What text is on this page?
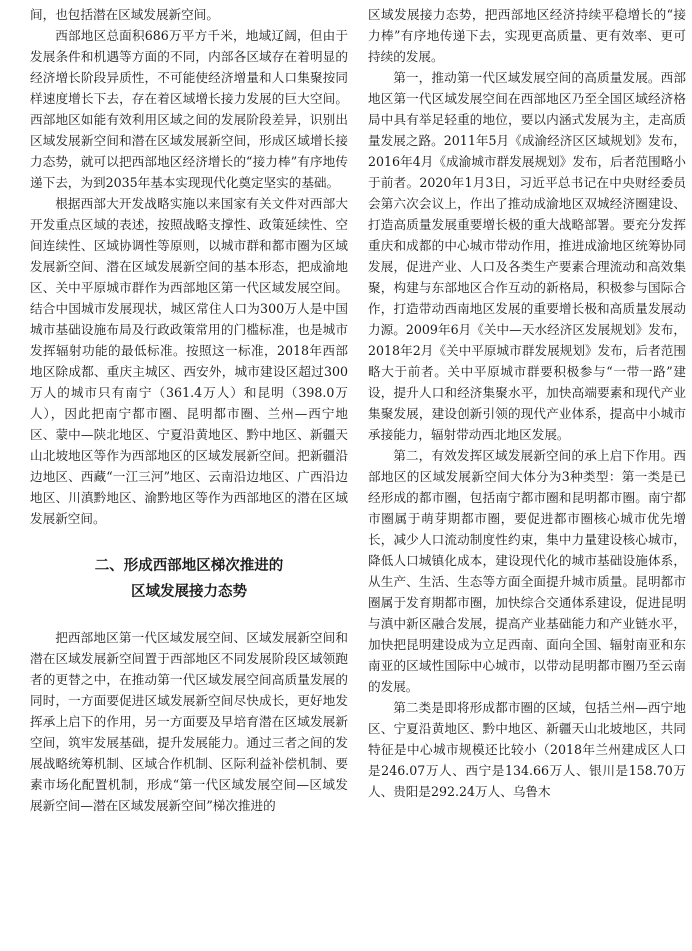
间，也包括潜在区域发展新空间。

西部地区总面积686万平方千米，地域辽阔，但由于发展条件和机遇等方面的不同，内部各区域存在着明显的经济增长阶段异质性，不可能使经济增量和人口集聚按同样速度增长下去，存在着区域增长接力发展的巨大空间。西部地区如能有效利用区域之间的发展阶段差异，识别出区域发展新空间和潜在区域发展新空间，形成区域增长接力态势，就可以把西部地区经济增长的“接力棒”有序地传递下去，为到2035年基本实现现代化奠定坚实的基础。

根据西部大开发战略实施以来国家有关文件对西部大开发重点区域的表述，按照战略支撑性、政策延续性、空间连续性、区域协调性等原则，以城市群和都市圈为区域发展新空间、潜在区域发展新空间的基本形态，把成渝地区、关中平原城市群作为西部地区第一代区域发展空间。结合中国城市发展现状，城区常住人口为300万人是中国城市基础设施布局及行政政策常用的门槛标准，也是城市发挥辐射功能的最低标准。按照这一标准，2018年西部地区除成都、重庆主城区、西安外，城市建设区超过300万人的城市只有南宁（361.4万人）和昆明（398.0万人），因此把南宁都市圈、昆明都市圈、兰州—西宁地区、蒙中—陕北地区、宁夏沿黄地区、黔中地区、新疆天山北坡地区等作为西部地区的区域发展新空间。把新疆沿边地区、西藏“一江三河”地区、云南沿边地区、广西沿边地区、川滇黔地区、渝黔地区等作为西部地区的潜在区域发展新空间。

二、形成西部地区梯次推进的
区域发展接力态势

把西部地区第一代区域发展空间、区域发展新空间和潜在区域发展新空间置于西部地区不同发展阶段区域领跑者的更替之中，在推动第一代区域发展空间高质量发展的同时，一方面要促进区域发展新空间尽快成长，更好地发挥承上启下的作用，另一方面要及早培育潜在区域发展新空间，筑牢发展基础，提升发展能力。通过三者之间的发展战略统筹机制、区域合作机制、区际利益补偿机制、要素市场化配置机制，形成“第一代区域发展空间—区域发展新空间—潜在区域发展新空间”梯次推进的

区域发展接力态势，把西部地区经济持续平稳增长的“接力棒”有序地传递下去，实现更高质量、更有效率、更可持续的发展。

第一，推动第一代区域发展空间的高质量发展。西部地区第一代区域发展空间在西部地区乃至全国区域经济格局中具有举足轻重的地位，要以内涵式发展为主，走高质量发展之路。2011年5月《成渝经济区区域规划》发布，2016年4月《成渝城市群发展规划》发布，后者范围略小于前者。2020年1月3日，习近平总书记在中央财经委员会第六次会议上，作出了推动成渝地区双城经济圈建设、打造高质量发展重要增长极的重大战略部署。要充分发挥重庆和成都的中心城市带动作用，推进成渝地区统筹协同发展，促进产业、人口及各类生产要素合理流动和高效集聚，构建与东部地区合作互动的新格局，积极参与国际合作，打造带动西南地区发展的重要增长极和高质量发展动力源。2009年6月《关中—天水经济区发展规划》发布，2018年2月《关中平原城市群发展规划》发布，后者范围略大于前者。关中平原城市群要积极参与“一带一路”建设，提升人口和经济集聚水平，加快高端要素和现代产业集聚发展，建设创新引领的现代产业体系，提高中小城市承接能力，辐射带动西北地区发展。

第二，有效发挥区域发展新空间的承上启下作用。西部地区的区域发展新空间大体分为3种类型：第一类是已经形成的都市圈，包括南宁都市圈和昆明都市圈。南宁都市圈属于萌芽期都市圈，要促进都市圈核心城市优先增长，减少人口流动制度性约束，集中力量建设核心城市，降低人口城镇化成本，建设现代化的城市基础设施体系，从生产、生活、生态等方面全面提升城市质量。昆明都市圈属于发育期都市圈，加快综合交通体系建设，促进昆明与滇中新区融合发展，提高产业基础能力和产业链水平，加快把昆明建设成为立足西南、面向全国、辐射南亚和东南亚的区域性国际中心城市，以带动昆明都市圈乃至云南的发展。

第二类是即将形成都市圈的区域，包括兰州—西宁地区、宁夏沿黄地区、黔中地区、新疆天山北坡地区，共同特征是中心城市规模还比较小（2018年兰州建成区人口是246.07万人、西宁是134.66万人、银川是158.70万人、贵阳是292.24万人、乌鲁木
